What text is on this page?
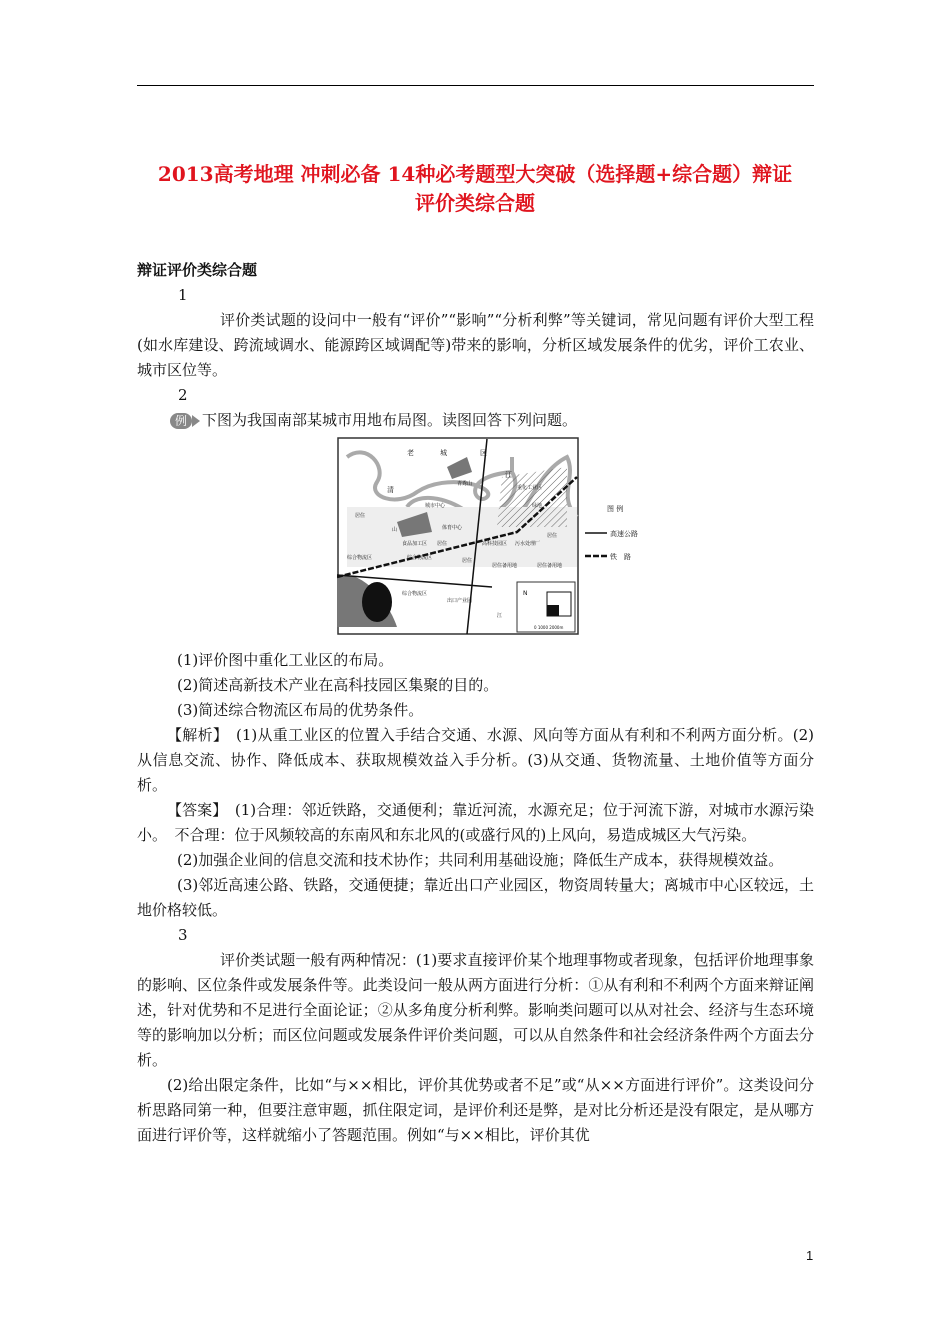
2013高考地理 冲刺必备 14种必考题型大突破（选择题+综合题）辩证
评价类综合题

辩证评价类综合题

1

评价类试题的设问中一般有“评价”“影响”“分析利弊”等关键词，常见问题有评价大型工程(如水库建设、跨流域调水、能源跨区域调配等)带来的影响，分析区域发展条件的优劣，评价工农业、城市区位等。

2

例	下图为我国南部某城市用地布局图。读图回答下列问题。
老	城	区
青秀山
江
重化工业区
清
城市中心	绿地
居住
体育中心
山
食品加工区 居住	高科技园区 污水处理厂
居住
综合物流区	综合物流区	居住
居住备用地	居住备用地
综合物流区
出口产业园
江
N
0 1000 2000m
图 例
高速公路
铁　路

(1)评价图中重化工业区的布局。

(2)简述高新技术产业在高科技园区集聚的目的。

(3)简述综合物流区布局的优势条件。

【解析】　(1)从重工业区的位置入手结合交通、水源、风向等方面从有利和不利两方面分析。(2)从信息交流、协作、降低成本、获取规模效益入手分析。(3)从交通、货物流量、土地价值等方面分析。

【答案】　(1)合理：邻近铁路，交通便利；靠近河流，水源充足；位于河流下游，对城市水源污染小。　不合理：位于风频较高的东南风和东北风的(或盛行风的)上风向，易造成城区大气污染。

(2)加强企业间的信息交流和技术协作；共同利用基础设施；降低生产成本，获得规模效益。

(3)邻近高速公路、铁路，交通便捷；靠近出口产业园区，物资周转量大；离城市中心区较远，土地价格较低。

3

评价类试题一般有两种情况：(1)要求直接评价某个地理事物或者现象，包括评价地理事象的影响、区位条件或发展条件等。此类设问一般从两方面进行分析：①从有利和不利两个方面来辩证阐述，针对优势和不足进行全面论证；②从多角度分析利弊。影响类问题可以从对社会、经济与生态环境等的影响加以分析；而区位问题或发展条件评价类问题，可以从自然条件和社会经济条件两个方面去分析。

(2)给出限定条件，比如“与××相比，评价其优势或者不足”或“从××方面进行评价”。这类设问分析思路同第一种，但要注意审题，抓住限定词，是评价利还是弊，是对比分析还是没有限定，是从哪方面进行评价等，这样就缩小了答题范围。例如“与××相比，评价其优

1
